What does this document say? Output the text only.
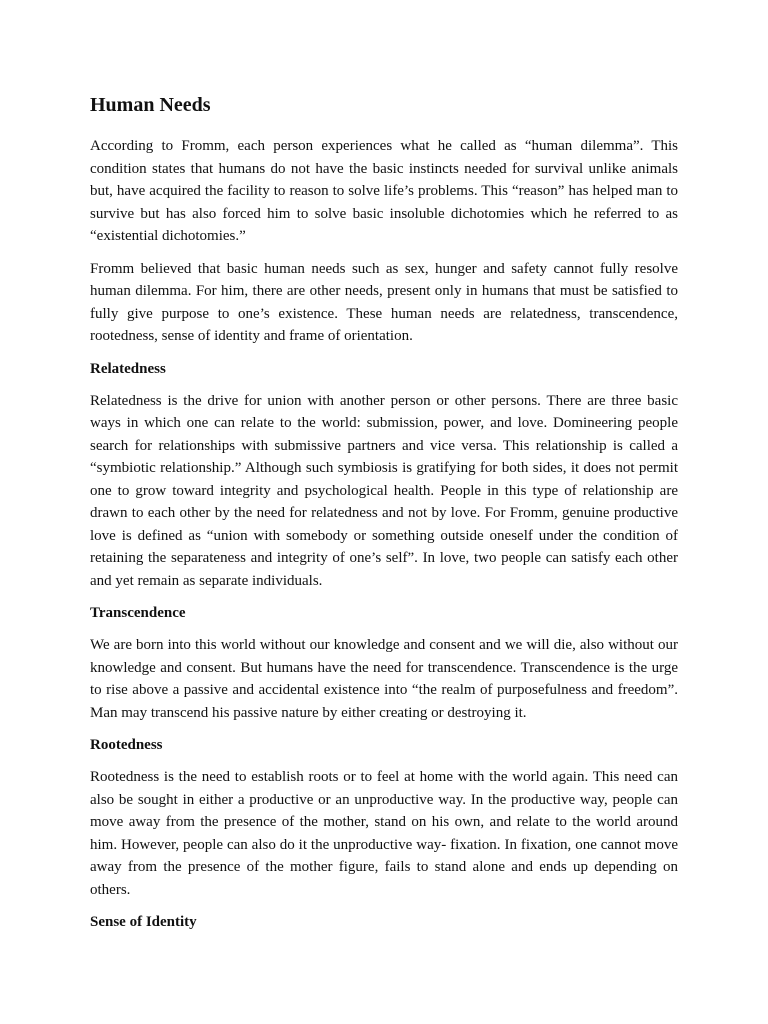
Human Needs

According to Fromm, each person experiences what he called as “human dilemma”. This condition states that humans do not have the basic instincts needed for survival unlike animals but, have acquired the facility to reason to solve life’s problems. This “reason” has helped man to survive but has also forced him to solve basic insoluble dichotomies which he referred to as “existential dichotomies.”

Fromm believed that basic human needs such as sex, hunger and safety cannot fully resolve human dilemma. For him, there are other needs, present only in humans that must be satisfied to fully give purpose to one’s existence. These human needs are relatedness, transcendence, rootedness, sense of identity and frame of orientation.

Relatedness

Relatedness is the drive for union with another person or other persons. There are three basic ways in which one can relate to the world: submission, power, and love. Domineering people search for relationships with submissive partners and vice versa. This relationship is called a “symbiotic relationship.” Although such symbiosis is gratifying for both sides, it does not permit one to grow toward integrity and psychological health. People in this type of relationship are drawn to each other by the need for relatedness and not by love. For Fromm, genuine productive love is defined as “union with somebody or something outside oneself under the condition of retaining the separateness and integrity of one’s self”. In love, two people can satisfy each other and yet remain as separate individuals.

Transcendence

We are born into this world without our knowledge and consent and we will die, also without our knowledge and consent. But humans have the need for transcendence. Transcendence is the urge to rise above a passive and accidental existence into “the realm of purposefulness and freedom”. Man may transcend his passive nature by either creating or destroying it.

Rootedness

Rootedness is the need to establish roots or to feel at home with the world again. This need can also be sought in either a productive or an unproductive way. In the productive way, people can move away from the presence of the mother, stand on his own, and relate to the world around him. However, people can also do it the unproductive way- fixation. In fixation, one cannot move away from the presence of the mother figure, fails to stand alone and ends up depending on others.

Sense of Identity
